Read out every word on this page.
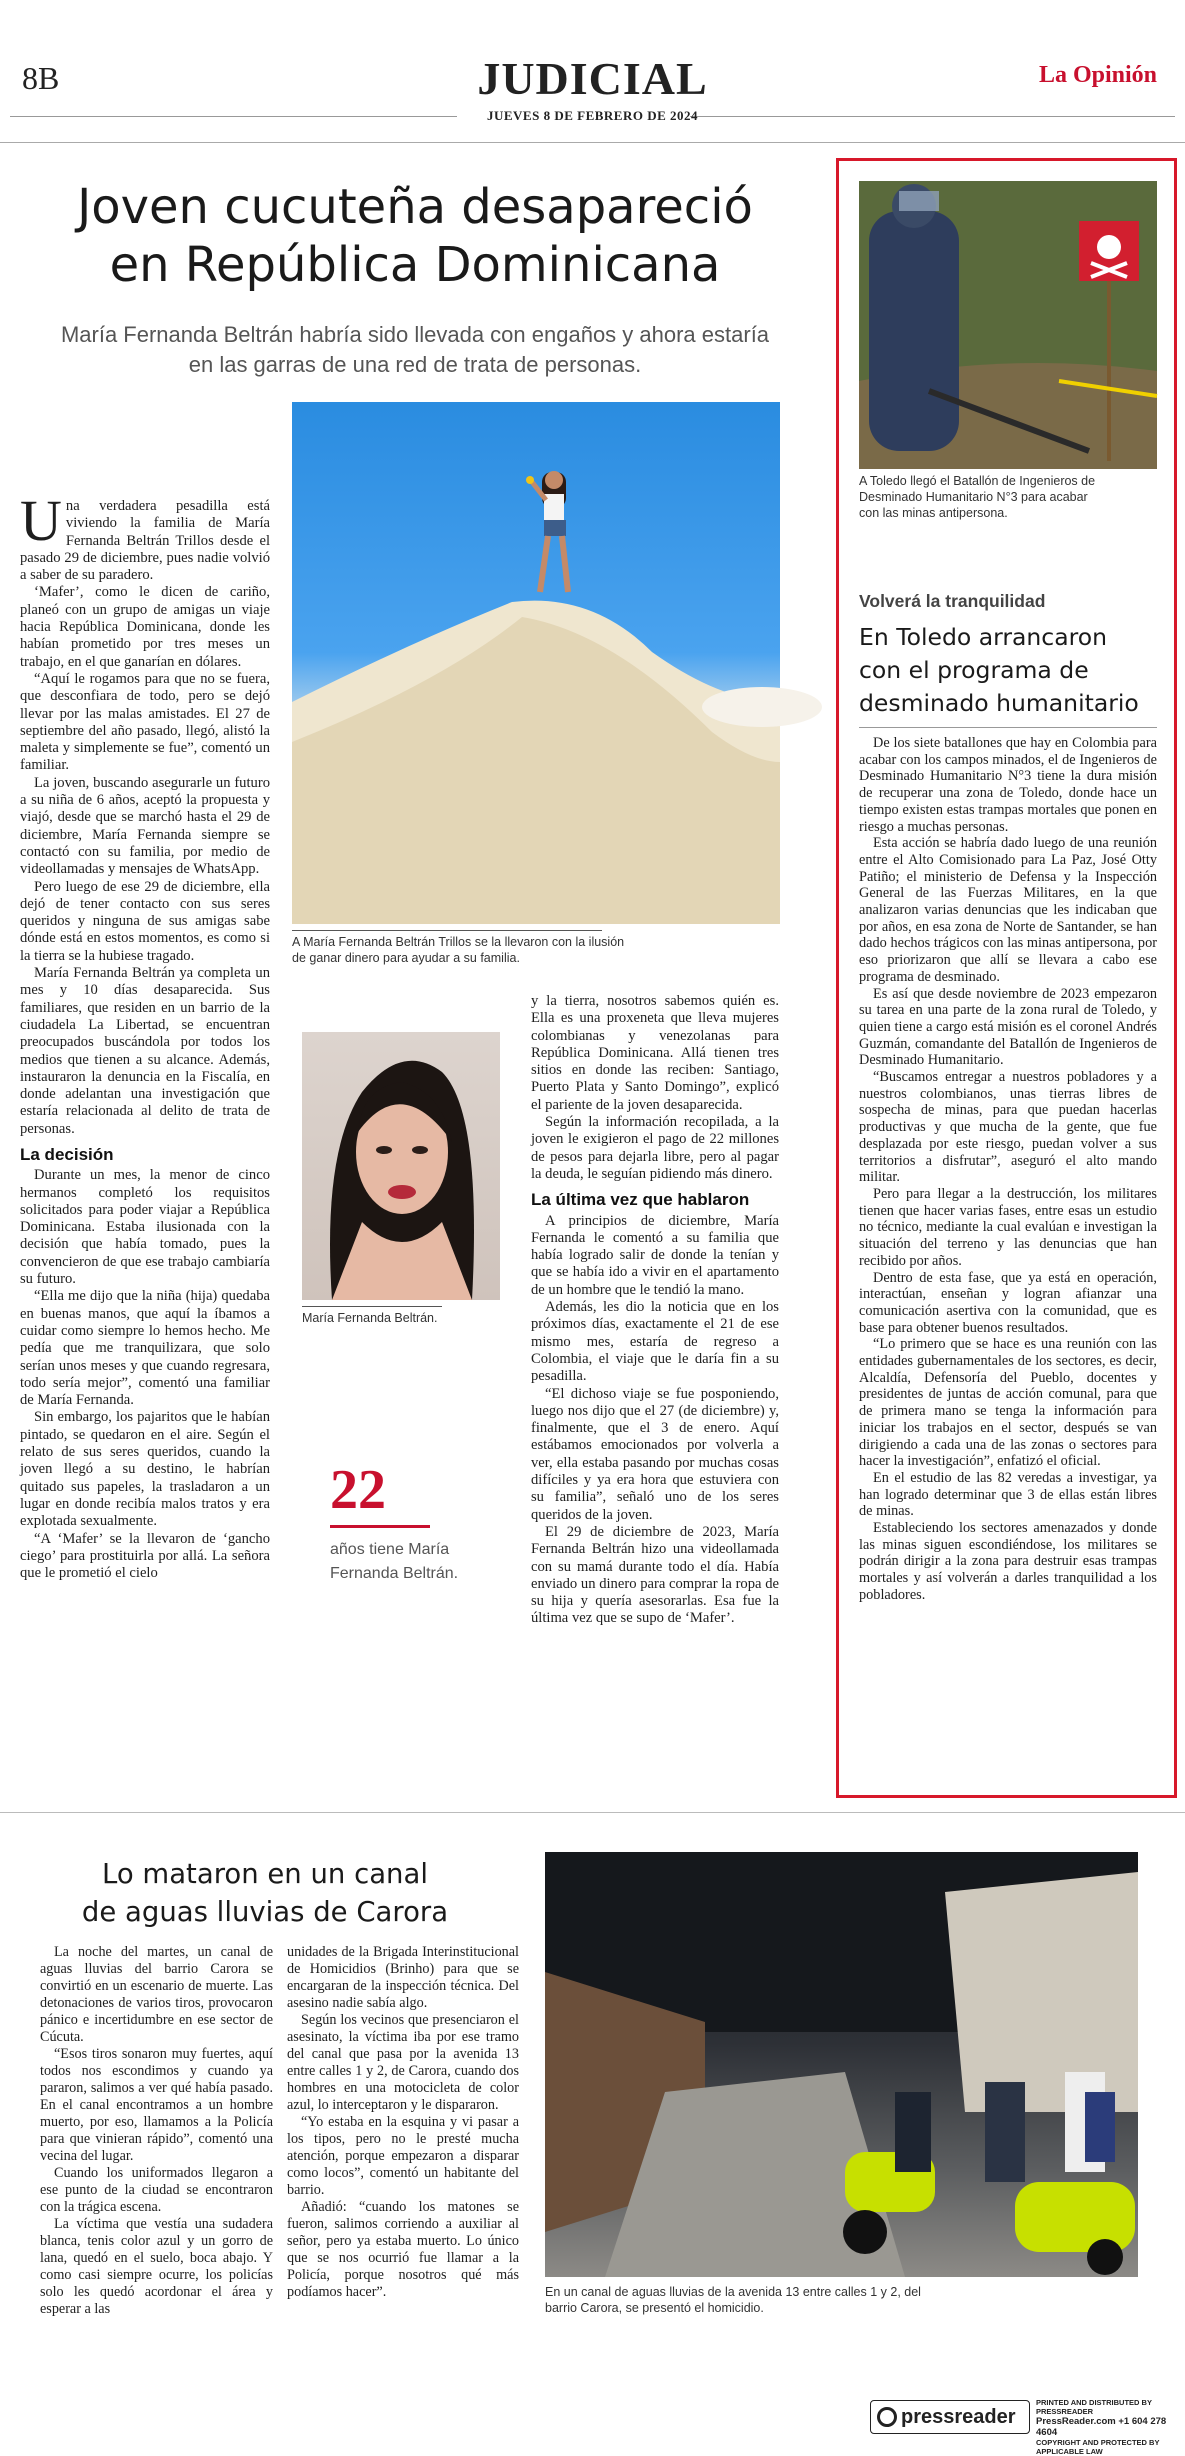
8B	JUDICIAL
JUEVES 8 DE FEBRERO DE 2024
La Opinión
Joven cucuteña desapareció
en República Dominicana
María Fernanda Beltrán habría sido llevada con engaños y ahora estaría
en las garras de una red de trata de personas.
A María Fernanda Beltrán Trillos se la llevaron con la ilusión
de ganar dinero para ayudar a su familia.

Una verdadera pesadilla está viviendo la familia de María Fernanda Beltrán Trillos desde el pasado 29 de diciembre, pues nadie volvió a saber de su paradero.

‘Mafer’, como le dicen de cariño, planeó con un grupo de amigas un viaje hacia República Dominicana, donde les habían prometido por tres meses un trabajo, en el que ganarían en dólares.

“Aquí le rogamos para que no se fuera, que desconfiara de todo, pero se dejó llevar por las malas amistades. El 27 de septiembre del año pasado, llegó, alistó la maleta y simplemente se fue”, comentó un familiar.

La joven, buscando asegurarle un futuro a su niña de 6 años, aceptó la propuesta y viajó, desde que se marchó hasta el 29 de diciembre, María Fernanda siempre se contactó con su familia, por medio de videollamadas y mensajes de WhatsApp.

Pero luego de ese 29 de diciembre, ella dejó de tener contacto con sus seres queridos y ninguna de sus amigas sabe dónde está en estos momentos, es como si la tierra se la hubiese tragado.

María Fernanda Beltrán ya completa un mes y 10 días desaparecida. Sus familiares, que residen en un barrio de la ciudadela La Libertad, se encuentran preocupados buscándola por todos los medios que tienen a su alcance. Además, instauraron la denuncia en la Fiscalía, en donde adelantan una investigación que estaría relacionada al delito de trata de personas.

La decisión

Durante un mes, la menor de cinco hermanos completó los requisitos solicitados para poder viajar a República Dominicana. Estaba ilusionada con la decisión que había tomado, pues la convencieron de que ese trabajo cambiaría su futuro.

“Ella me dijo que la niña (hija) quedaba en buenas manos, que aquí la íbamos a cuidar como siempre lo hemos hecho. Me pedía que me tranquilizara, que solo serían unos meses y que cuando regresara, todo sería mejor”, comentó una familiar de María Fernanda.

Sin embargo, los pajaritos que le habían pintado, se quedaron en el aire. Según el relato de sus seres queridos, cuando la joven llegó a su destino, le habrían quitado sus papeles, la trasladaron a un lugar en donde recibía malos tratos y era explotada sexualmente.

“A ‘Mafer’ se la llevaron de ‘gancho ciego’ para prostituirla por allá. La señora que le prometió el cielo

María Fernanda Beltrán.
22
años tiene María Fernanda Beltrán.

y la tierra, nosotros sabemos quién es. Ella es una proxeneta que lleva mujeres colombianas y venezolanas para República Dominicana. Allá tienen tres sitios en donde las reciben: Santiago, Puerto Plata y Santo Domingo”, explicó el pariente de la joven desaparecida.

Según la información recopilada, a la joven le exigieron el pago de 22 millones de pesos para dejarla libre, pero al pagar la deuda, le seguían pidiendo más dinero.

La última vez que hablaron

A principios de diciembre, María Fernanda le comentó a su familia que había logrado salir de donde la tenían y que se había ido a vivir en el apartamento de un hombre que le tendió la mano.

Además, les dio la noticia que en los próximos días, exactamente el 21 de ese mismo mes, estaría de regreso a Colombia, el viaje que le daría fin a su pesadilla.

“El dichoso viaje se fue posponiendo, luego nos dijo que el 27 (de diciembre) y, finalmente, que el 3 de enero. Aquí estábamos emocionados por volverla a ver, ella estaba pasando por muchas cosas difíciles y ya era hora que estuviera con su familia”, señaló uno de los seres queridos de la joven.

El 29 de diciembre de 2023, María Fernanda Beltrán hizo una videollamada con su mamá durante todo el día. Había enviado un dinero para comprar la ropa de su hija y quería asesorarlas. Esa fue la última vez que se supo de ‘Mafer’.

A Toledo llegó el Batallón de Ingenieros de
Desminado Humanitario N°3 para acabar
con las minas antipersona.
Volverá la tranquilidad
En Toledo arrancaron
con el programa de
desminado humanitario

De los siete batallones que hay en Colombia para acabar con los campos minados, el de Ingenieros de Desminado Humanitario N°3 tiene la dura misión de recuperar una zona de Toledo, donde hace un tiempo existen estas trampas mortales que ponen en riesgo a muchas personas.

Esta acción se habría dado luego de una reunión entre el Alto Comisionado para La Paz, José Otty Patiño; el ministerio de Defensa y la Inspección General de las Fuerzas Militares, en la que analizaron varias denuncias que les indicaban que por años, en esa zona de Norte de Santander, se han dado hechos trágicos con las minas antipersona, por eso priorizaron que allí se llevara a cabo ese programa de desminado.

Es así que desde noviembre de 2023 empezaron su tarea en una parte de la zona rural de Toledo, y quien tiene a cargo está misión es el coronel Andrés Guzmán, comandante del Batallón de Ingenieros de Desminado Humanitario.

“Buscamos entregar a nuestros pobladores y a nuestros colombianos, unas tierras libres de sospecha de minas, para que puedan hacerlas productivas y que mucha de la gente, que fue desplazada por este riesgo, puedan volver a sus territorios a disfrutar”, aseguró el alto mando militar.

Pero para llegar a la destrucción, los militares tienen que hacer varias fases, entre esas un estudio no técnico, mediante la cual evalúan e investigan la situación del terreno y las denuncias que han recibido por años.

Dentro de esta fase, que ya está en operación, interactúan, enseñan y logran afianzar una comunicación asertiva con la comunidad, que es base para obtener buenos resultados.

“Lo primero que se hace es una reunión con las entidades gubernamentales de los sectores, es decir, Alcaldía, Defensoría del Pueblo, docentes y presidentes de juntas de acción comunal, para que de primera mano se tenga la información para iniciar los trabajos en el sector, después se van dirigiendo a cada una de las zonas o sectores para hacer la investigación”, enfatizó el oficial.

En el estudio de las 82 veredas a investigar, ya han logrado determinar que 3 de ellas están libres de minas.

Estableciendo los sectores amenazados y donde las minas siguen escondiéndose, los militares se podrán dirigir a la zona para destruir esas trampas mortales y así volverán a darles tranquilidad a los pobladores.

Lo mataron en un canal
de aguas lluvias de Carora

La noche del martes, un canal de aguas lluvias del barrio Carora se convirtió en un escenario de muerte. Las detonaciones de varios tiros, provocaron pánico e incertidumbre en ese sector de Cúcuta.

“Esos tiros sonaron muy fuertes, aquí todos nos escondimos y cuando ya pararon, salimos a ver qué había pasado. En el canal encontramos a un hombre muerto, por eso, llamamos a la Policía para que vinieran rápido”, comentó una vecina del lugar.

Cuando los uniformados llegaron a ese punto de la ciudad se encontraron con la trágica escena.

La víctima que vestía una sudadera blanca, tenis color azul y un gorro de lana, quedó en el suelo, boca abajo. Y como casi siempre ocurre, los policías solo les quedó acordonar el área y esperar a las

unidades de la Brigada Interinstitucional de Homicidios (Brinho) para que se encargaran de la inspección técnica. Del asesino nadie sabía algo.

Según los vecinos que presenciaron el asesinato, la víctima iba por ese tramo del canal que pasa por la avenida 13 entre calles 1 y 2, de Carora, cuando dos hombres en una motocicleta de color azul, lo interceptaron y le dispararon.

“Yo estaba en la esquina y vi pasar a los tipos, pero no le presté mucha atención, porque empezaron a disparar como locos”, comentó un habitante del barrio.

Añadió: “cuando los matones se fueron, salimos corriendo a auxiliar al señor, pero ya estaba muerto. Lo único que se nos ocurrió fue llamar a la Policía, porque nosotros qué más podíamos hacer”.	En un canal de aguas lluvias de la avenida 13 entre calles 1 y 2, del
barrio Carora, se presentó el homicidio.
pressreader
PRINTED AND DISTRIBUTED BY PRESSREADER
PressReader.com +1 604 278 4604
COPYRIGHT AND PROTECTED BY APPLICABLE LAW
